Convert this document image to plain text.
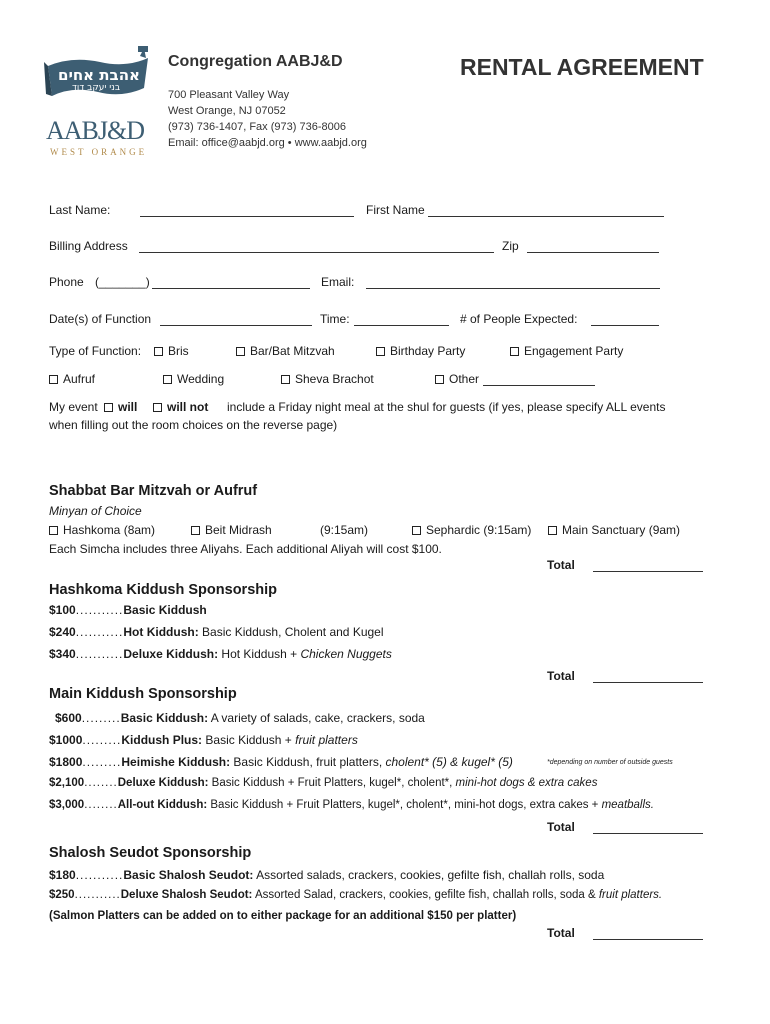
אהבת אחים
בני יעקב דוד
AABJ&D
WEST ORANGE
Congregation AABJ&D
700 Pleasant Valley Way
West Orange, NJ 07052
(973) 736-1407, Fax (973) 736-8006
Email: office@aabjd.org • www.aabjd.org
RENTAL AGREEMENT
Last Name:	First Name
Billing Address	Zip
Phone (_______)	Email:
Date(s) of Function	Time:	# of People Expected:
Type of Function:	Bris	Bar/Bat Mitzvah	Birthday Party	Engagement Party
Aufruf	Wedding	Sheva Brachot	Other
My event	will	will not include a Friday night meal at the shul for guests (if yes, please specify ALL events
when filling out the room choices on the reverse page)
Shabbat Bar Mitzvah or Aufruf
Minyan of Choice
Hashkoma (8am)	Beit Midrash	(9:15am)	Sephardic (9:15am)	Main Sanctuary (9am)
Each Simcha includes three Aliyahs. Each additional Aliyah will cost $100.
Total
Hashkoma Kiddush Sponsorship
$100...........Basic Kiddush
$240...........Hot Kiddush: Basic Kiddush, Cholent and Kugel
$340...........Deluxe Kiddush: Hot Kiddush + Chicken Nuggets
Total
Main Kiddush Sponsorship
$600.........Basic Kiddush: A variety of salads, cake, crackers, soda
$1000.........Kiddush Plus: Basic Kiddush + fruit platters
$1800.........Heimishe Kiddush: Basic Kiddush, fruit platters, cholent* (5) & kugel* (5)	*depending on number of outside guests
$2,100........Deluxe Kiddush: Basic Kiddush + Fruit Platters, kugel*, cholent*, mini-hot dogs & extra cakes
$3,000........All-out Kiddush: Basic Kiddush + Fruit Platters, kugel*, cholent*, mini-hot dogs, extra cakes + meatballs.
Total
Shalosh Seudot Sponsorship
$180...........Basic Shalosh Seudot: Assorted salads, crackers, cookies, gefilte fish, challah rolls, soda
$250...........Deluxe Shalosh Seudot: Assorted Salad, crackers, cookies, gefilte fish, challah rolls, soda & fruit platters.
(Salmon Platters can be added on to either package for an additional $150 per platter)
Total
